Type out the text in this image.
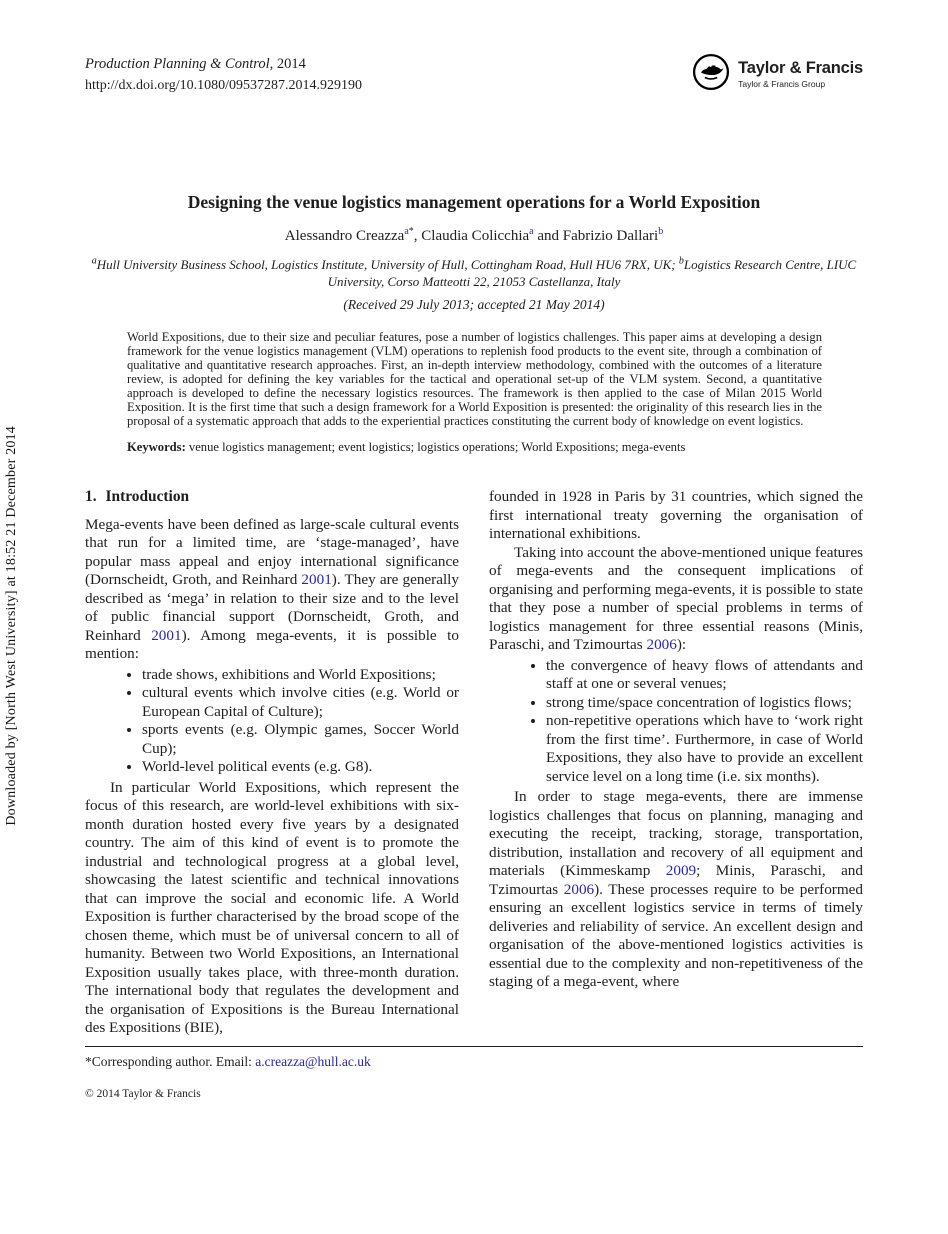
Downloaded by [North West University] at 18:52 21 December 2014
Production Planning & Control, 2014
http://dx.doi.org/10.1080/09537287.2014.929190
Taylor & Francis
Taylor & Francis Group
Designing the venue logistics management operations for a World Exposition
Alessandro Creazza$^{a*}$, Claudia Colicchia$^a$ and Fabrizio Dallari$^b$
$^a$Hull University Business School, Logistics Institute, University of Hull, Cottingham Road, Hull HU6 7RX, UK; $^b$Logistics Research Centre, LIUC University, Corso Matteotti 22, 21053 Castellanza, Italy
(Received 29 July 2013; accepted 21 May 2014)
World Expositions, due to their size and peculiar features, pose a number of logistics challenges. This paper aims at developing a design framework for the venue logistics management (VLM) operations to replenish food products to the event site, through a combination of qualitative and quantitative research approaches. First, an in-depth interview methodology, combined with the outcomes of a literature review, is adopted for defining the key variables for the tactical and operational set-up of the VLM system. Second, a quantitative approach is developed to define the necessary logistics resources. The framework is then applied to the case of Milan 2015 World Exposition. It is the first time that such a design framework for a World Exposition is presented: the originality of this research lies in the proposal of a systematic approach that adds to the experiential practices constituting the current body of knowledge on event logistics.
Keywords: venue logistics management; event logistics; logistics operations; World Expositions; mega-events
1. Introduction

Mega-events have been defined as large-scale cultural events that run for a limited time, are ‘stage-managed’, have popular mass appeal and enjoy international significance (Dornscheidt, Groth, and Reinhard 2001). They are generally described as ‘mega’ in relation to their size and to the level of public financial support (Dornscheidt, Groth, and Reinhard 2001). Among mega-events, it is possible to mention:

• trade shows, exhibitions and World Expositions;
• cultural events which involve cities (e.g. World or European Capital of Culture);
• sports events (e.g. Olympic games, Soccer World Cup);
• World-level political events (e.g. G8).

In particular World Expositions, which represent the focus of this research, are world-level exhibitions with six-month duration hosted every five years by a designated country. The aim of this kind of event is to promote the industrial and technological progress at a global level, showcasing the latest scientific and technical innovations that can improve the social and economic life. A World Exposition is further characterised by the broad scope of the chosen theme, which must be of universal concern to all of humanity. Between two World Expositions, an International Exposition usually takes place, with three-month duration. The international body that regulates the development and the organisation of Expositions is the Bureau International des Expositions (BIE),

founded in 1928 in Paris by 31 countries, which signed the first international treaty governing the organisation of international exhibitions.

Taking into account the above-mentioned unique features of mega-events and the consequent implications of organising and performing mega-events, it is possible to state that they pose a number of special problems in terms of logistics management for three essential reasons (Minis, Paraschi, and Tzimourtas 2006):

• the convergence of heavy flows of attendants and staff at one or several venues;
• strong time/space concentration of logistics flows;
• non-repetitive operations which have to ‘work right from the first time’. Furthermore, in case of World Expositions, they also have to provide an excellent service level on a long time (i.e. six months).

In order to stage mega-events, there are immense logistics challenges that focus on planning, managing and executing the receipt, tracking, storage, transportation, distribution, installation and recovery of all equipment and materials (Kimmeskamp 2009; Minis, Paraschi, and Tzimourtas 2006). These processes require to be performed ensuring an excellent logistics service in terms of timely deliveries and reliability of service. An excellent design and organisation of the above-mentioned logistics activities is essential due to the complexity and non-repetitiveness of the staging of a mega-event, where

*Corresponding author. Email: a.creazza@hull.ac.uk
© 2014 Taylor & Francis
